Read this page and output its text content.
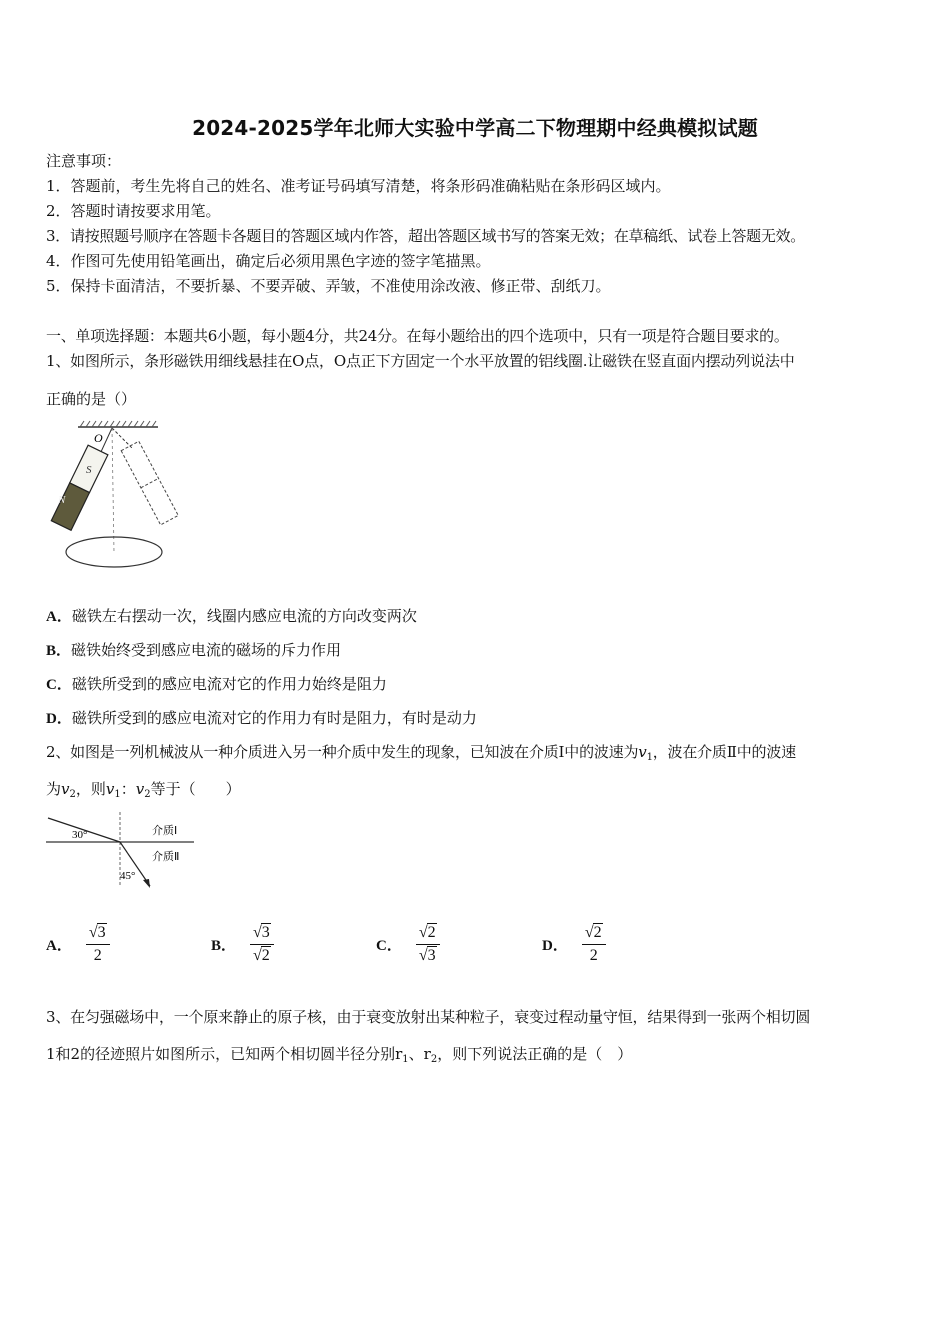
2024-2025学年北师大实验中学高二下物理期中经典模拟试题
注意事项：
1．答题前，考生先将自己的姓名、准考证号码填写清楚，将条形码准确粘贴在条形码区域内。
2．答题时请按要求用笔。
3．请按照题号顺序在答题卡各题目的答题区域内作答，超出答题区域书写的答案无效；在草稿纸、试卷上答题无效。
4．作图可先使用铅笔画出，确定后必须用黑色字迹的签字笔描黑。
5．保持卡面清洁，不要折暴、不要弄破、弄皱，不准使用涂改液、修正带、刮纸刀。
一、单项选择题：本题共6小题，每小题4分，共24分。在每小题给出的四个选项中，只有一项是符合题目要求的。
1、如图所示，条形磁铁用细线悬挂在O点，O点正下方固定一个水平放置的铝线圈.让磁铁在竖直面内摆动列说法中
正确的是（）
O
S
N
A．磁铁左右摆动一次，线圈内感应电流的方向改变两次
B．磁铁始终受到感应电流的磁场的斥力作用
C．磁铁所受到的感应电流对它的作用力始终是阻力
D．磁铁所受到的感应电流对它的作用力有时是阻力，有时是动力
2、如图是一列机械波从一种介质进入另一种介质中发生的现象，已知波在介质Ⅰ中的波速为$v_1$，波在介质Ⅱ中的波速
为$v_2$，则$v_1$：$v_2$等于（　　）
30°
45°
介质Ⅰ
介质Ⅱ
A． $\frac{√3}{2}$	B． $\frac{√3}{√2}$	C． $\frac{√2}{√3}$	D． $\frac{√2}{2}$
3、在匀强磁场中，一个原来静止的原子核，由于衰变放射出某种粒子，衰变过程动量守恒，结果得到一张两个相切圆
1和2的径迹照片如图所示，已知两个相切圆半径分别$r_1$、$r_2$，则下列说法正确的是（　）
